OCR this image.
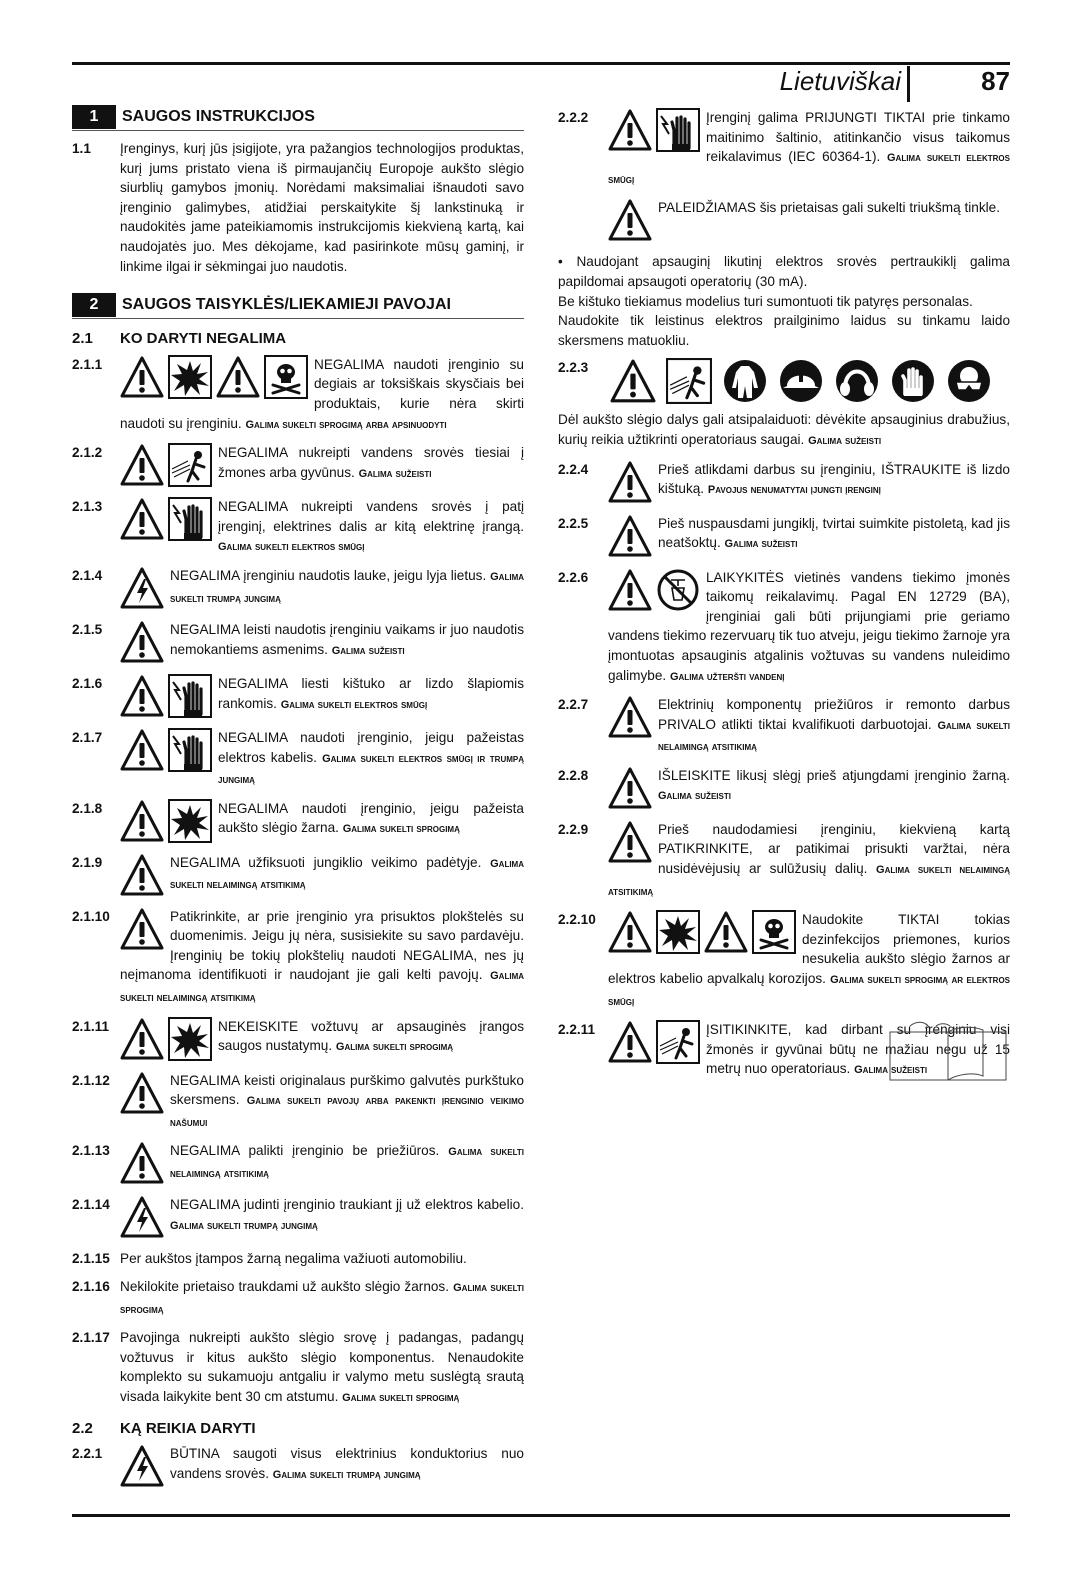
Lietuviškai	87
1	SAUGOS INSTRUKCIJOS
1.1	Įrenginys, kurį jūs įsigijote, yra pažangios technologijos produktas, kurį jums pristato viena iš pirmaujančių Europoje aukšto slėgio siurblių gamybos įmonių. Norėdami maksimaliai išnaudoti savo įrenginio galimybes, atidžiai perskaitykite šį lankstinuką ir naudokitės jame pateikiamomis instrukcijomis kiekvieną kartą, kai naudojatės juo. Mes dėkojame, kad pasirinkote mūsų gaminį, ir linkime ilgai ir sėkmingai juo naudotis.
2	SAUGOS TAISYKLĖS/LIEKAMIEJI PAVOJAI
2.1	KO DARYTI NEGALIMA
2.1.1	NEGALIMA naudoti įrenginio su degiais ar toksiškais skysčiais bei produktais, kurie nėra skirti naudoti su įrenginiu. Galima sukelti sprogimą arba apsinuodyti
2.1.2	NEGALIMA nukreipti vandens srovės tiesiai į žmones arba gyvūnus. Galima sužeisti
2.1.3	NEGALIMA nukreipti vandens srovės į patį įrenginį, elektrines dalis ar kitą elektrinę įrangą. Galima sukelti elektros smūgį
2.1.4	NEGALIMA įrenginiu naudotis lauke, jeigu lyja lietus. Galima sukelti trumpą jungimą
2.1.5	NEGALIMA leisti naudotis įrenginiu vaikams ir juo naudotis nemokantiems asmenims. Galima sužeisti
2.1.6	NEGALIMA liesti kištuko ar lizdo šlapiomis rankomis. Galima sukelti elektros smūgį
2.1.7	NEGALIMA naudoti įrenginio, jeigu pažeistas elektros kabelis. Galima sukelti elektros smūgį ir trumpą jungimą
2.1.8	NEGALIMA naudoti įrenginio, jeigu pažeista aukšto slėgio žarna. Galima sukelti sprogimą
2.1.9	NEGALIMA užfiksuoti jungiklio veikimo padėtyje. Galima sukelti nelaimingą atsitikimą
2.1.10	Patikrinkite, ar prie įrenginio yra prisuktos plokštelės su duomenimis. Jeigu jų nėra, susisiekite su savo pardavėju. Įrenginių be tokių plokštelių naudoti NEGALIMA, nes jų neįmanoma identifikuoti ir naudojant jie gali kelti pavojų. Galima sukelti nelaimingą atsitikimą
2.1.11	NEKEISKITE vožtuvų ar apsauginės įrangos saugos nustatymų. Galima sukelti sprogimą
2.1.12	NEGALIMA keisti originalaus purškimo galvutės purkštuko skersmens. Galima sukelti pavojų arba pakenkti įrenginio veikimo našumui
2.1.13	NEGALIMA palikti įrenginio be priežiūros. Galima sukelti nelaimingą atsitikimą
2.1.14	NEGALIMA judinti įrenginio traukiant jį už elektros kabelio. Galima sukelti trumpą jungimą
2.1.15 Per aukštos įtampos žarną negalima važiuoti automobiliu.
2.1.16 Nekilokite prietaiso traukdami už aukšto slėgio žarnos. Galima sukelti sprogimą
2.1.17 Pavojinga nukreipti aukšto slėgio srovę į padangas, padangų vožtuvus ir kitus aukšto slėgio komponentus. Nenaudokite komplekto su sukamuoju antgaliu ir valymo metu suslėgtą srautą visada laikykite bent 30 cm atstumu. Galima sukelti sprogimą
2.2	KĄ REIKIA DARYTI
2.2.1	BŪTINA saugoti visus elektrinius konduktorius nuo vandens srovės. Galima sukelti trumpą jungimą
2.2.2	Įrenginį galima PRIJUNGTI TIKTAI prie tinkamo maitinimo šaltinio, atitinkančio visus taikomus reikalavimus (IEC 60364-1). Galima sukelti elektros smūgį
PALEIDŽIAMAS šis prietaisas gali sukelti triukšmą tinkle.
• Naudojant apsauginį likutinį elektros srovės pertraukiklį galima papildomai apsaugoti operatorių (30 mA).
Be kištuko tiekiamus modelius turi sumontuoti tik patyręs personalas.
Naudokite tik leistinus elektros prailginimo laidus su tinkamu laido skersmens matuokliu.
2.2.3
Dėl aukšto slėgio dalys gali atsipalaiduoti: dėvėkite apsauginius drabužius, kurių reikia užtikrinti operatoriaus saugai. Galima sužeisti
2.2.4	Prieš atlikdami darbus su įrenginiu, IŠTRAUKITE iš lizdo kištuką. Pavojus nenumatytai įjungti įrenginį
2.2.5	Pieš nuspausdami jungiklį, tvirtai suimkite pistoletą, kad jis neatšoktų. Galima sužeisti
2.2.6	LAIKYKITĖS vietinės vandens tiekimo įmonės taikomų reikalavimų. Pagal EN 12729 (BA), įrenginiai gali būti prijungiami prie geriamo vandens tiekimo rezervuarų tik tuo atveju, jeigu tiekimo žarnoje yra įmontuotas apsauginis atgalinis vožtuvas su vandens nuleidimo galimybe. Galima užteršti vandenį
2.2.7	Elektrinių komponentų priežiūros ir remonto darbus PRIVALO atlikti tiktai kvalifikuoti darbuotojai. Galima sukelti nelaimingą atsitikimą
2.2.8	IŠLEISKITE likusį slėgį prieš atjungdami įrenginio žarną. Galima sužeisti
2.2.9	Prieš naudodamiesi įrenginiu, kiekvieną kartą PATIKRINKITE, ar patikimai prisukti varžtai, nėra nusidėvėjusių ar sulūžusių dalių. Galima sukelti nelaimingą atsitikimą
2.2.10	Naudokite TIKTAI tokias dezinfekcijos priemones, kurios nesukelia aukšto slėgio žarnos ar elektros kabelio apvalkalų korozijos. Galima sukelti sprogimą ar elektros smūgį
2.2.11	ĮSITIKINKITE, kad dirbant su įrenginiu visi žmonės ir gyvūnai būtų ne mažiau negu už 15 metrų nuo operatoriaus. Galima sužeisti
